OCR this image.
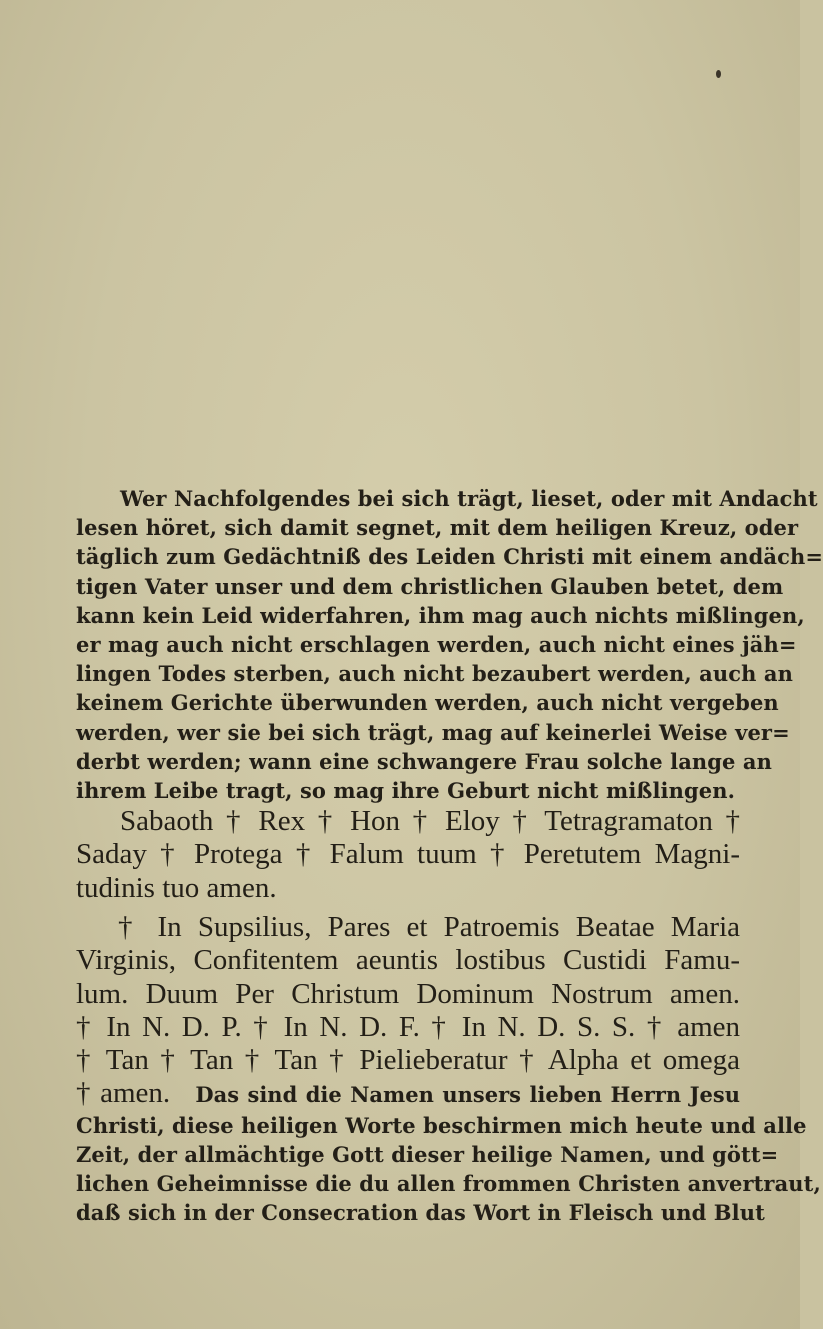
Wer Nachfolgendes bei sich trägt, lieset, oder mit Andacht
lesen höret, sich damit segnet, mit dem heiligen Kreuz, oder
täglich zum Gedächtniß des Leiden Christi mit einem andäch=
tigen Vater unser und dem christlichen Glauben betet, dem
kann kein Leid widerfahren, ihm mag auch nichts mißlingen,
er mag auch nicht erschlagen werden, auch nicht eines jäh=
lingen Todes sterben, auch nicht bezaubert werden, auch an
keinem Gerichte überwunden werden, auch nicht vergeben
werden, wer sie bei sich trägt, mag auf keinerlei Weise ver=
derbt werden; wann eine schwangere Frau solche lange an
ihrem Leibe tragt, so mag ihre Geburt nicht mißlingen.
Sabaoth † Rex † Hon † Eloy † Tetragramaton †
Saday † Protega † Falum tuum † Peretutem Magni-
tudinis tuo amen.
† In Supsilius, Pares et Patroemis Beatae Maria
Virginis, Confitentem aeuntis lostibus Custidi Famu-
lum. Duum Per Christum Dominum Nostrum amen.
† In N. D. P. † In N. D. F. † In N. D. S. S. † amen
† Tan † Tan † Tan † Pielieberatur † Alpha et omega
† amen. Das sind die Namen unsers lieben Herrn Jesu
Christi, diese heiligen Worte beschirmen mich heute und alle
Zeit, der allmächtige Gott dieser heilige Namen, und gött=
lichen Geheimnisse die du allen frommen Christen anvertraut,
daß sich in der Consecration das Wort in Fleisch und Blut
